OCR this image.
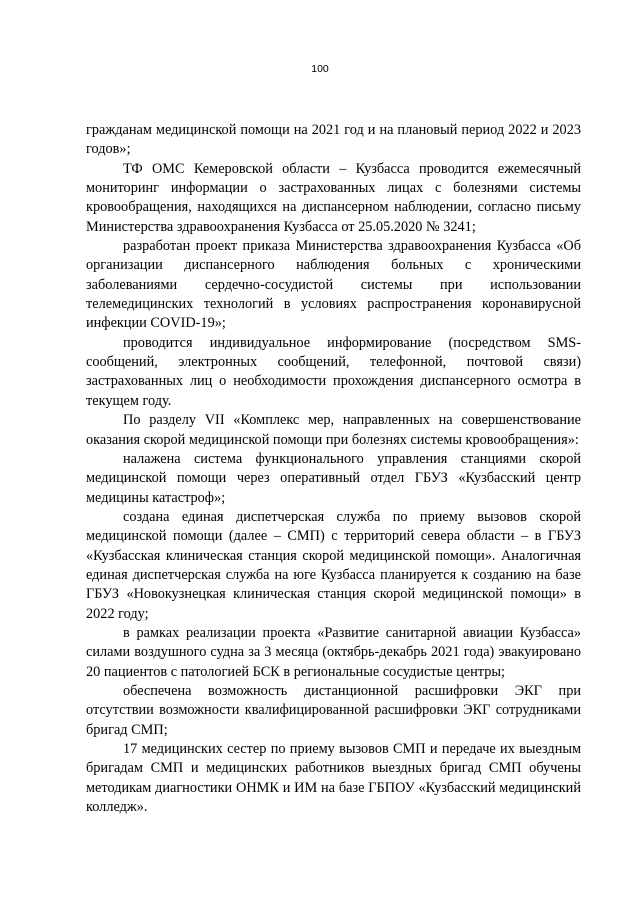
100

гражданам медицинской помощи на 2021 год и на плановый период 2022 и 2023 годов»;

ТФ ОМС Кемеровской области – Кузбасса проводится ежемесячный мониторинг информации о застрахованных лицах с болезнями системы кровообращения, находящихся на диспансерном наблюдении, согласно письму Министерства здравоохранения Кузбасса от 25.05.2020 № 3241;

разработан проект приказа Министерства здравоохранения Кузбасса «Об организации диспансерного наблюдения больных с хроническими заболеваниями сердечно-сосудистой системы при использовании телемедицинских технологий в условиях распространения коронавирусной инфекции COVID-19»;

проводится индивидуальное информирование (посредством SMS-сообщений, электронных сообщений, телефонной, почтовой связи) застрахованных лиц о необходимости прохождения диспансерного осмотра в текущем году.

По разделу VII «Комплекс мер, направленных на совершенствование оказания скорой медицинской помощи при болезнях системы кровообращения»:

налажена система функционального управления станциями скорой медицинской помощи через оперативный отдел ГБУЗ «Кузбасский центр медицины катастроф»;

создана единая диспетчерская служба по приему вызовов скорой медицинской помощи (далее – СМП) с территорий севера области – в ГБУЗ «Кузбасская клиническая станция скорой медицинской помощи». Аналогичная единая диспетчерская служба на юге Кузбасса планируется к созданию на базе ГБУЗ «Новокузнецкая клиническая станция скорой медицинской помощи» в 2022 году;

в рамках реализации проекта «Развитие санитарной авиации Кузбасса» силами воздушного судна за 3 месяца (октябрь-декабрь 2021 года) эвакуировано 20 пациентов с патологией БСК в региональные сосудистые центры;

обеспечена возможность дистанционной расшифровки ЭКГ при отсутствии возможности квалифицированной расшифровки ЭКГ сотрудниками бригад СМП;

17 медицинских сестер по приему вызовов СМП и передаче их выездным бригадам СМП и медицинских работников выездных бригад СМП обучены методикам диагностики ОНМК и ИМ на базе ГБПОУ «Кузбасский медицинский колледж».
